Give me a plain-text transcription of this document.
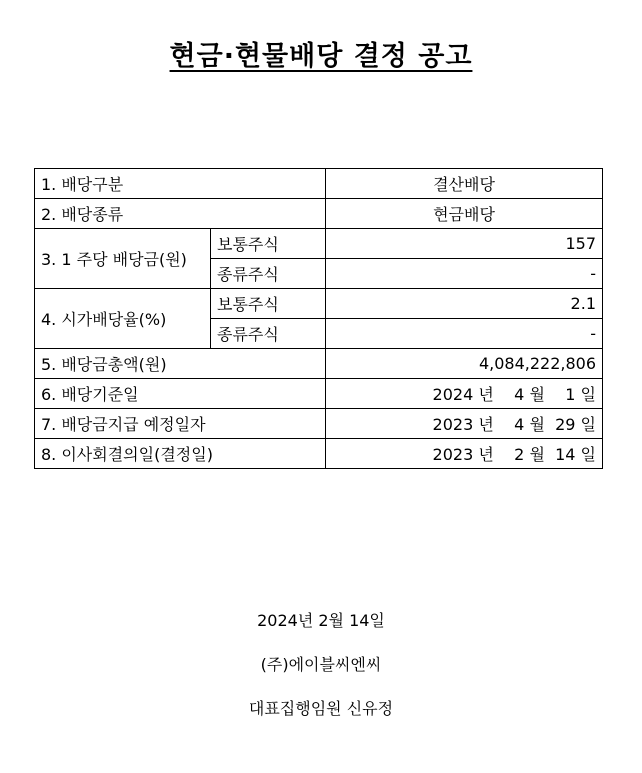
현금·현물배당 결정 공고
1. 배당구분		결산배당
2. 배당종류		현금배당
3. 1 주당 배당금(원)	보통주식	157
	종류주식	-
4. 시가배당율(%)	보통주식	2.1
	종류주식	-
5. 배당금총액(원)		4,084,222,806
6. 배당기준일		2024 년 4 월 1 일
7. 배당금지급 예정일자		2023 년 4 월 29 일
8. 이사회결의일(결정일)		2023 년 2 월 14 일
2024년 2월 14일
(주)에이블씨엔씨
대표집행임원 신유정
